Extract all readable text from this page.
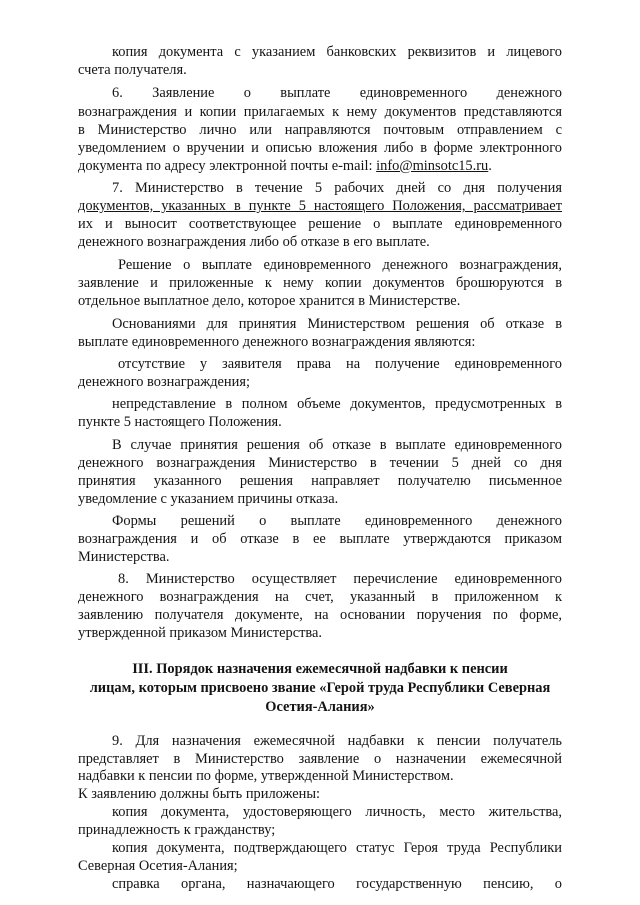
копия документа с указанием банковских реквизитов и лицевого
счета получателя.
6. Заявление о выплате единовременного денежного
вознаграждения и копии прилагаемых к нему документов представляются
в Министерство лично или направляются почтовым отправлением с
уведомлением о вручении и описью вложения либо в форме электронного
документа по адресу электронной почты e-mail: info@minsotc15.ru.
7. Министерство в течение 5 рабочих дней со дня получения
документов, указанных в пункте 5 настоящего Положения, рассматривает
их и выносит соответствующее решение о выплате единовременного
денежного вознаграждения либо об отказе в его выплате.
Решение о выплате единовременного денежного вознаграждения,
заявление и приложенные к нему копии документов брошюруются в
отдельное выплатное дело, которое хранится в Министерстве.
Основаниями для принятия Министерством решения об отказе в
выплате единовременного денежного вознаграждения являются:
отсутствие у заявителя права на получение единовременного
денежного вознаграждения;
непредставление в полном объеме документов, предусмотренных в
пункте 5 настоящего Положения.
В случае принятия решения об отказе в выплате единовременного
денежного вознаграждения Министерство в течении 5 дней со дня
принятия указанного решения направляет получателю письменное
уведомление с указанием причины отказа.
Формы решений о выплате единовременного денежного
вознаграждения и об отказе в ее выплате утверждаются приказом
Министерства.
8. Министерство осуществляет перечисление единовременного
денежного вознаграждения на счет, указанный в приложенном к
заявлению получателя документе, на основании поручения по форме,
утвержденной приказом Министерства.
III. Порядок назначения ежемесячной надбавки к пенсии
лицам, которым присвоено звание «Герой труда Республики Северная
Осетия-Алания»
9. Для назначения ежемесячной надбавки к пенсии получатель
представляет в Министерство заявление о назначении ежемесячной
надбавки к пенсии по форме, утвержденной Министерством.
К заявлению должны быть приложены:
копия документа, удостоверяющего личность, место жительства,
принадлежность к гражданству;
копия документа, подтверждающего статус Героя труда Республики
Северная Осетия-Алания;
справка органа, назначающего государственную пенсию, о
